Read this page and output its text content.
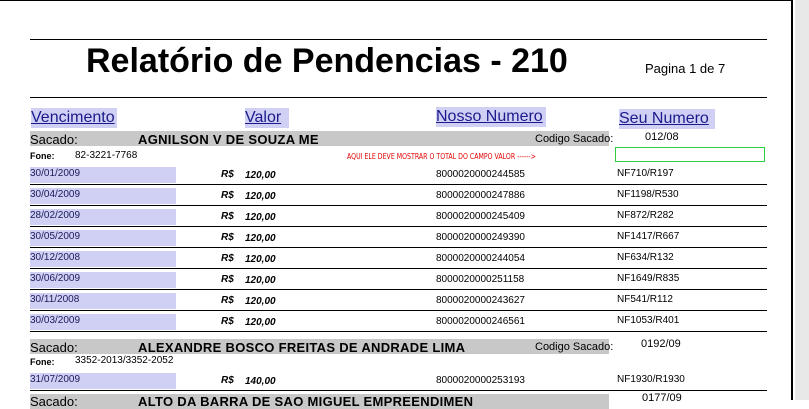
Relatório de Pendencias - 210	Pagina 1 de 7
Vencimento	Valor	Nosso Numero	Seu Numero
Sacado:	AGNILSON V DE SOUZA ME	Codigo Sacado:	012/08
Fone: 82-3221-7768	AQUI ELE DEVE MOSTRAR O TOTAL DO CAMPO VALOR ------>
30/01/2009	R$ 120,00	8000020000244585	NF710/R197
30/04/2009	R$ 120,00	8000020000247886	NF1198/R530
28/02/2009	R$ 120,00	8000020000245409	NF872/R282
30/05/2009	R$ 120,00	8000020000249390	NF1417/R667
30/12/2008	R$ 120,00	8000020000244054	NF634/R132
30/06/2009	R$ 120,00	8000020000251158	NF1649/R835
30/11/2008	R$ 120,00	8000020000243627	NF541/R112
30/03/2009	R$ 120,00	8000020000246561	NF1053/R401
Sacado:	ALEXANDRE BOSCO FREITAS DE ANDRADE LIMA	Codigo Sacado:	0192/09
Fone: 3352-2013/3352-2052
31/07/2009	R$ 140,00	8000020000253193	NF1930/R1930
Sacado:	ALTO DA BARRA DE SAO MIGUEL EMPREENDIMEN	0177/09
